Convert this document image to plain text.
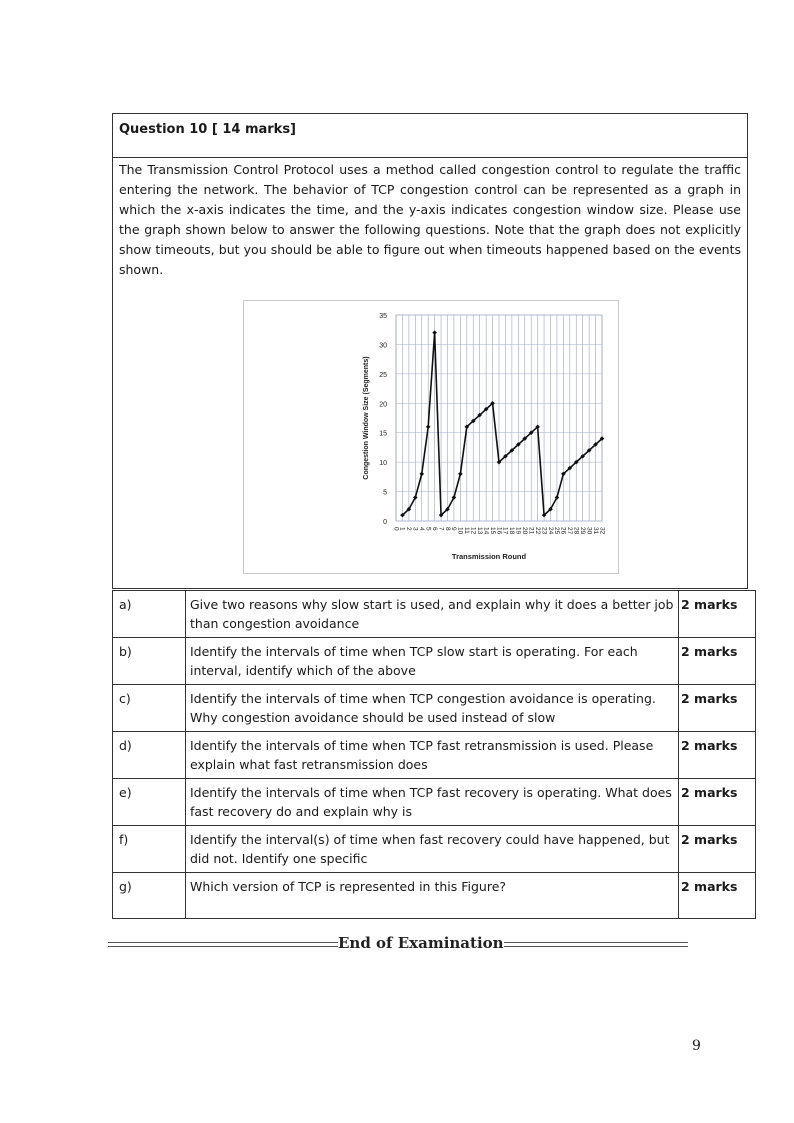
Question 10 [ 14 marks]
The Transmission Control Protocol uses a method called congestion control to regulate the traffic entering the network. The behavior of TCP congestion control can be represented as a graph in which the x-axis indicates the time, and the y-axis indicates congestion window size. Please use the graph shown below to answer the following questions. Note that the graph does not explicitly show timeouts, but you should be able to figure out when timeouts happened based on the events shown.
0
5
10
15
20
25
30
35
0 1 2 3 4 5 6 7 8 9 10 11 12 13 14 15 16 17 18 19 20 21 22 23 24 25 26 27 28 29 30 31 32
Transmission Round
Congestion Window Size (Segments)
a)	Give two reasons why slow start is used, and explain why it does a better job than congestion avoidance	2 marks
b)	Identify the intervals of time when TCP slow start is operating. For each interval, identify which of the above	2 marks
c)	Identify the intervals of time when TCP congestion avoidance is operating. Why congestion avoidance should be used instead of slow	2 marks
d)	Identify the intervals of time when TCP fast retransmission is used. Please explain what fast retransmission does	2 marks
e)	Identify the intervals of time when TCP fast recovery is operating. What does fast recovery do and explain why is	2 marks
f)	Identify the interval(s) of time when fast recovery could have happened, but did not. Identify one specific	2 marks
g)	Which version of TCP is represented in this Figure?	2 marks
End of Examination
9
